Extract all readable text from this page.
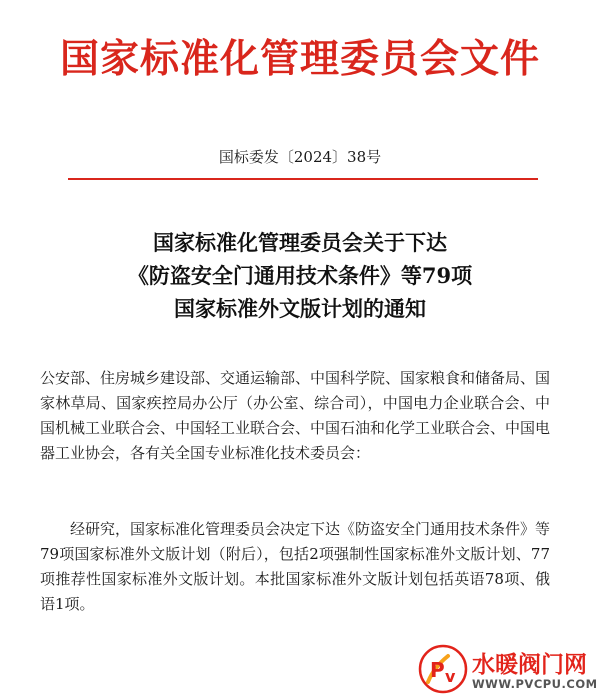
国家标准化管理委员会文件
国标委发〔2024〕38号
国家标准化管理委员会关于下达
《防盗安全门通用技术条件》等79项
国家标准外文版计划的通知
公安部、住房城乡建设部、交通运输部、中国科学院、国家粮食和储备局、国家林草局、国家疾控局办公厅（办公室、综合司），中国电力企业联合会、中国机械工业联合会、中国轻工业联合会、中国石油和化学工业联合会、中国电器工业协会，各有关全国专业标准化技术委员会：
经研究，国家标准化管理委员会决定下达《防盗安全门通用技术条件》等79项国家标准外文版计划（附后），包括2项强制性国家标准外文版计划、77项推荐性国家标准外文版计划。本批国家标准外文版计划包括英语78项、俄语1项。
P v 水暖阀门网
WWW.PVCPU.COM
